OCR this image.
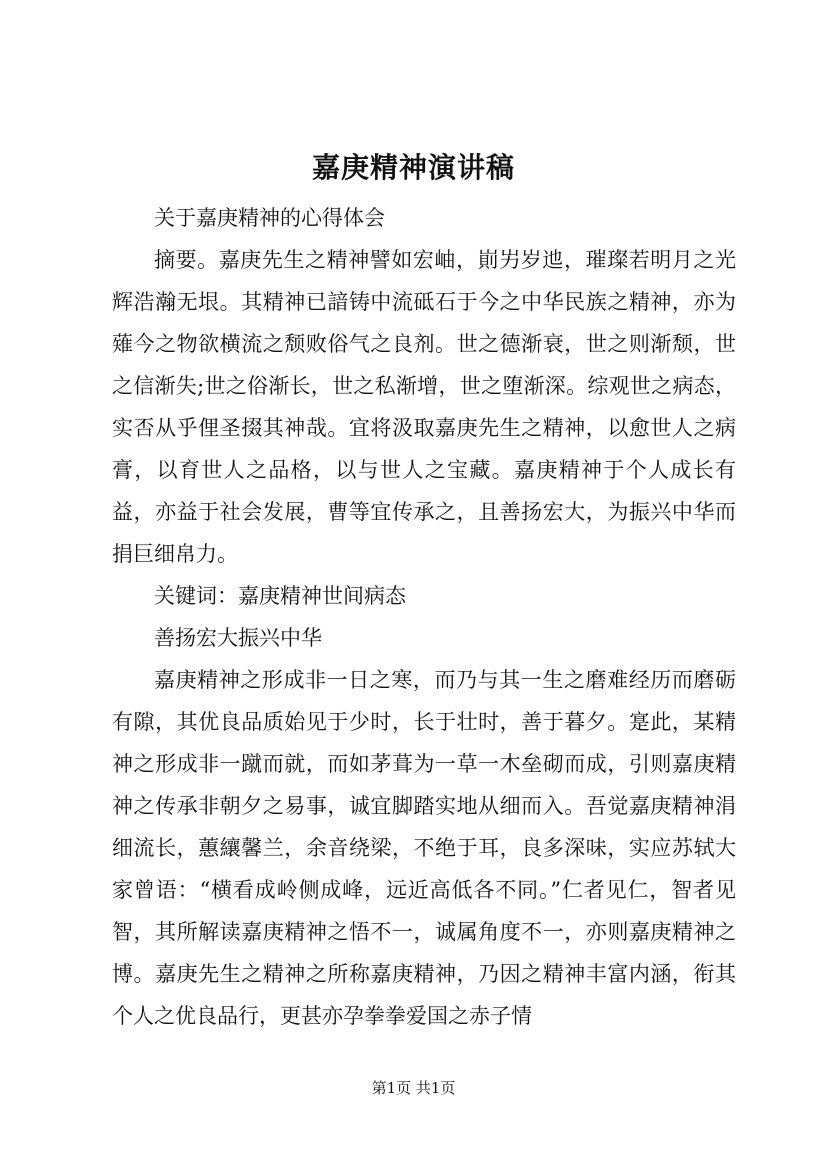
嘉庚精神演讲稿

关于嘉庚精神的心得体会

摘要。嘉庚先生之精神譬如宏岫，崱屴岁迆，璀璨若明月之光辉浩瀚无垠。其精神已諳铸中流砥石于今之中华民族之精神，亦为薙今之物欲横流之颓败俗气之良剂。世之德渐衰，世之则渐颓，世之信渐失;世之俗渐长，世之私渐增，世之堕渐深。综观世之病态，实否从乎俚圣掇其神哉。宜将汲取嘉庚先生之精神，以愈世人之病膏，以育世人之品格，以与世人之宝藏。嘉庚精神于个人成长有益，亦益于社会发展，曹等宜传承之，且善扬宏大，为振兴中华而捐巨细帛力。

关键词：嘉庚精神世间病态

善扬宏大振兴中华

嘉庚精神之形成非一日之寒，而乃与其一生之磨难经历而磨砺有隙，其优良品质始见于少时，长于壮时，善于暮夕。寔此，某精神之形成非一蹴而就，而如茅葺为一草一木垒砌而成，引则嘉庚精神之传承非朝夕之易事，诚宜脚踏实地从细而入。吾觉嘉庚精神涓细流长，蕙纕馨兰，余音绕梁，不绝于耳，良多深味，实应苏轼大家曾语：“横看成岭侧成峰，远近高低各不同。”仁者见仁，智者见智，其所解读嘉庚精神之悟不一，诚属角度不一，亦则嘉庚精神之博。嘉庚先生之精神之所称嘉庚精神，乃因之精神丰富内涵，衔其个人之优良品行，更甚亦孕拳拳爱国之赤子情

第1页 共1页
